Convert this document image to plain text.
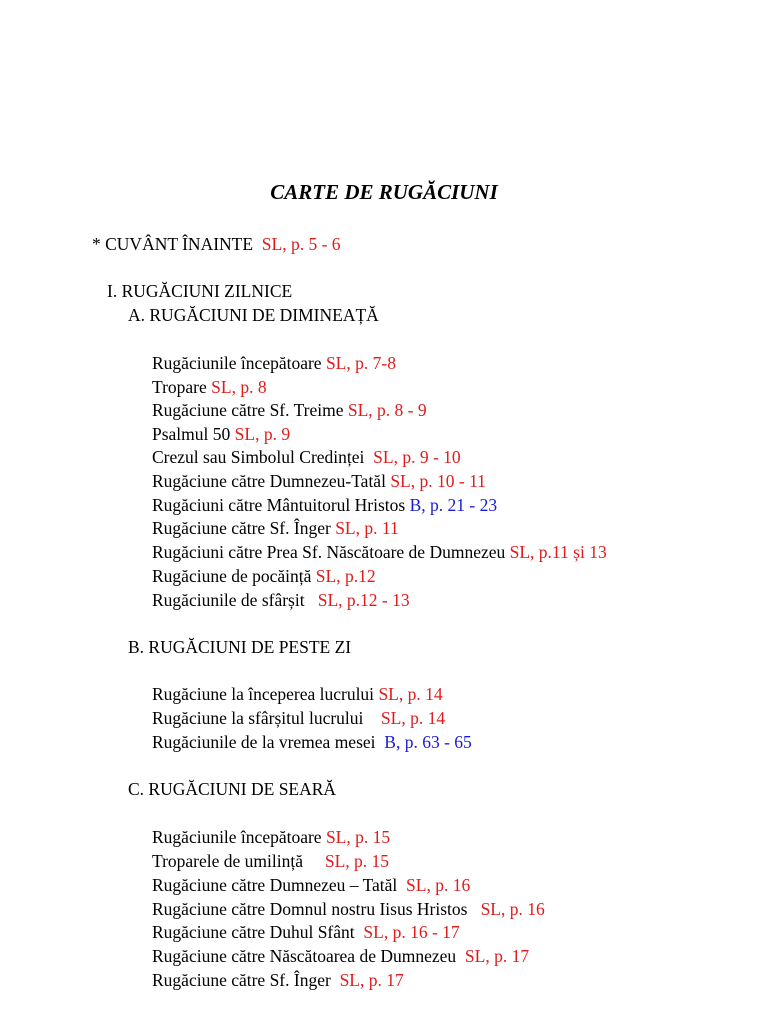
CARTE DE RUGĂCIUNI
* CUVÂNT ÎNAINTE  SL, p. 5 - 6
I. RUGĂCIUNI ZILNICE
A. RUGĂCIUNI DE DIMINEAȚĂ
Rugăciunile începătoare SL, p. 7-8
Tropare SL, p. 8
Rugăciune către Sf. Treime SL, p. 8 - 9
Psalmul 50 SL, p. 9
Crezul sau Simbolul Credinței  SL, p. 9 - 10
Rugăciune către Dumnezeu-Tatăl SL, p. 10 - 11
Rugăciuni către Mântuitorul Hristos B, p. 21 - 23
Rugăciune către Sf. Înger SL, p. 11
Rugăciuni către Prea Sf. Născătoare de Dumnezeu SL, p.11 și 13
Rugăciune de pocăință SL, p.12
Rugăciunile de sfârșit   SL, p.12 - 13
B. RUGĂCIUNI DE PESTE ZI
Rugăciune la începerea lucrului SL, p. 14
Rugăciune la sfârșitul lucrului    SL, p. 14
Rugăciunile de la vremea mesei  B, p. 63 - 65
C. RUGĂCIUNI DE SEARĂ
Rugăciunile începătoare SL, p. 15
Troparele de umilință     SL, p. 15
Rugăciune către Dumnezeu – Tatăl  SL, p. 16
Rugăciune către Domnul nostru Iisus Hristos   SL, p. 16
Rugăciune către Duhul Sfânt  SL, p. 16 - 17
Rugăciune către Născătoarea de Dumnezeu  SL, p. 17
Rugăciune către Sf. Înger  SL, p. 17
